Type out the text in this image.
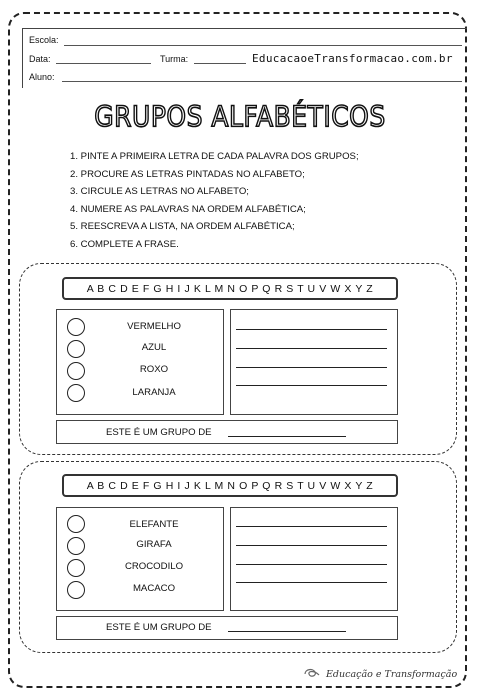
Escola:
Data:	Turma:	EducacaoeTransformacao.com.br
Aluno:
GRUPOS ALFABÉTICOS
1. PINTE A PRIMEIRA LETRA DE CADA PALAVRA DOS GRUPOS;
2. PROCURE AS LETRAS PINTADAS NO ALFABETO;
3. CIRCULE AS LETRAS NO ALFABETO;
4. NUMERE AS PALAVRAS NA ORDEM ALFABÉTICA;
5. REESCREVA A LISTA, NA ORDEM ALFABÉTICA;
6. COMPLETE A FRASE.
A B C D E F G H I J K L M N O P Q R S T U V W X Y Z
VERMELHO
AZUL
ROXO
LARANJA
ESTE É UM GRUPO DE
A B C D E F G H I J K L M N O P Q R S T U V W X Y Z
ELEFANTE
GIRAFA
CROCODILO
MACACO
ESTE É UM GRUPO DE
Educação e Transformação
